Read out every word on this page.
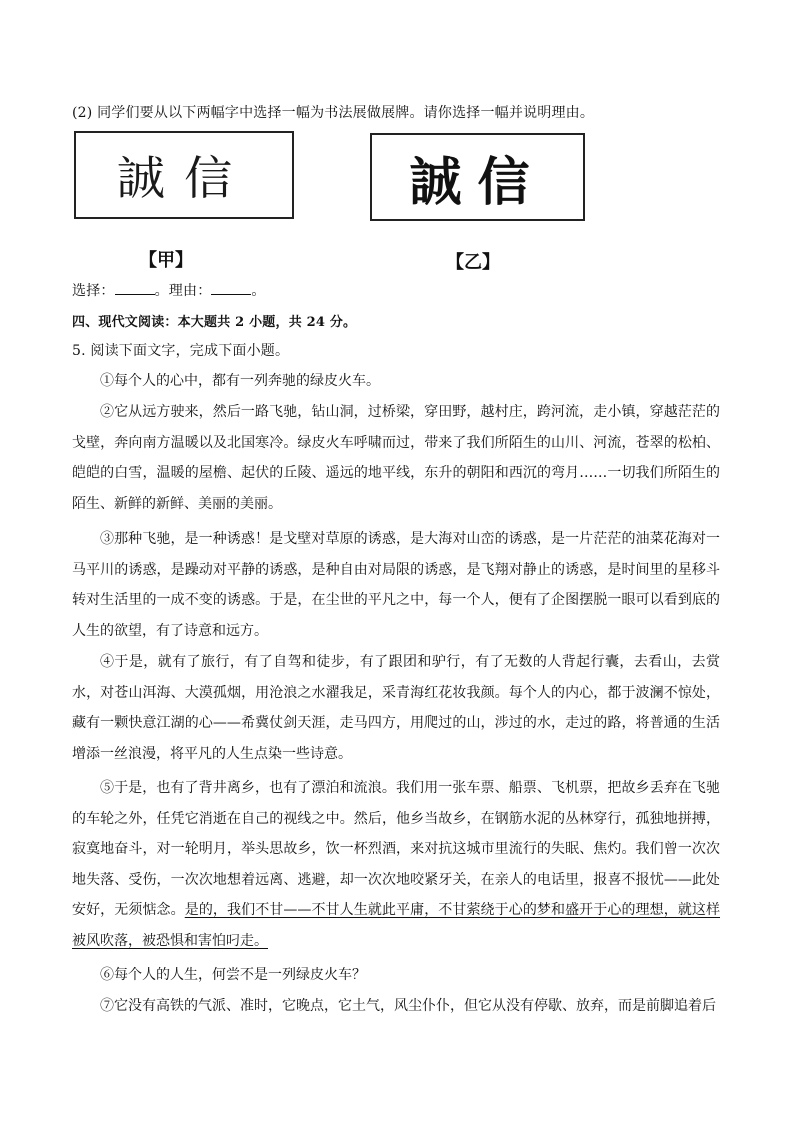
(2) 同学们要从以下两幅字中选择一幅为书法展做展牌。请你选择一幅并说明理由。
誠信	誠信
【甲】	【乙】
选择：	。理由：	。
四、现代文阅读：本大题共 2 小题，共 24 分。
5. 阅读下面文字，完成下面小题。
①每个人的心中，都有一列奔驰的绿皮火车。
②它从远方驶来，然后一路飞驰，钻山洞，过桥梁，穿田野，越村庄，跨河流，走小镇，穿越茫茫的戈壁，奔向南方温暖以及北国寒冷。绿皮火车呼啸而过，带来了我们所陌生的山川、河流，苍翠的松柏、皑皑的白雪，温暖的屋檐、起伏的丘陵、遥远的地平线，东升的朝阳和西沉的弯月……一切我们所陌生的陌生、新鲜的新鲜、美丽的美丽。
③那种飞驰，是一种诱惑！是戈壁对草原的诱惑，是大海对山峦的诱惑，是一片茫茫的油菜花海对一马平川的诱惑，是躁动对平静的诱惑，是种自由对局限的诱惑，是飞翔对静止的诱惑，是时间里的星移斗转对生活里的一成不变的诱惑。于是，在尘世的平凡之中，每一个人，便有了企图摆脱一眼可以看到底的人生的欲望，有了诗意和远方。
④于是，就有了旅行，有了自驾和徒步，有了跟团和驴行，有了无数的人背起行囊，去看山，去赏水，对苍山洱海、大漠孤烟，用沧浪之水濯我足，采青海红花妆我颜。每个人的内心，都于波澜不惊处，藏有一颗快意江湖的心——希冀仗剑天涯，走马四方，用爬过的山，涉过的水，走过的路，将普通的生活增添一丝浪漫，将平凡的人生点染一些诗意。
⑤于是，也有了背井离乡，也有了漂泊和流浪。我们用一张车票、船票、飞机票，把故乡丢弃在飞驰的车轮之外，任凭它消逝在自己的视线之中。然后，他乡当故乡，在钢筋水泥的丛林穿行，孤独地拼搏，寂寞地奋斗，对一轮明月，举头思故乡，饮一杯烈酒，来对抗这城市里流行的失眠、焦灼。我们曾一次次地失落、受伤，一次次地想着远离、逃避，却一次次地咬紧牙关，在亲人的电话里，报喜不报忧——此处安好，无须惦念。是的，我们不甘——不甘人生就此平庸，不甘萦绕于心的梦和盛开于心的理想，就这样被风吹落，被恐惧和害怕叼走。
⑥每个人的人生，何尝不是一列绿皮火车？
⑦它没有高铁的气派、准时，它晚点，它土气，风尘仆仆，但它从没有停歇、放弃，而是前脚追着后
